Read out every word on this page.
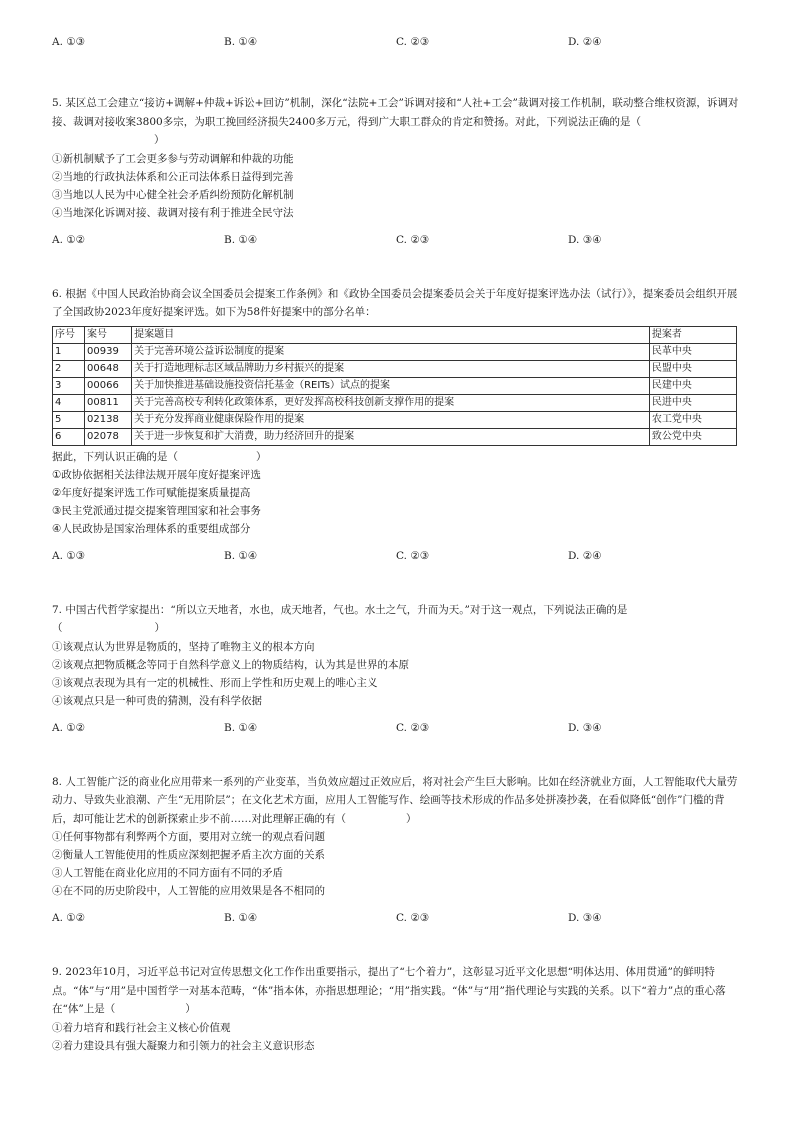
A. ①③	B. ①④	C. ②③	D. ②④

5. 某区总工会建立“接访+调解+仲裁+诉讼+回访”机制，深化“法院+工会”诉调对接和“人社+工会”裁调对接工作机制，联动整合维权资源，诉调对接、裁调对接收案3800多宗，为职工挽回经济损失2400多万元，得到广大职工群众的肯定和赞扬。对此，下列说法正确的是（）

①新机制赋予了工会更多参与劳动调解和仲裁的功能

②当地的行政执法体系和公正司法体系日益得到完善

③当地以人民为中心健全社会矛盾纠纷预防化解机制

④当地深化诉调对接、裁调对接有利于推进全民守法

A. ①②	B. ①④	C. ②③	D. ③④

6. 根据《中国人民政治协商会议全国委员会提案工作条例》和《政协全国委员会提案委员会关于年度好提案评选办法（试行）》，提案委员会组织开展了全国政协2023年度好提案评选。如下为58件好提案中的部分名单：

序号	案号	提案题目	提案者
1	00939	关于完善环境公益诉讼制度的提案	民革中央
2	00648	关于打造地理标志区域品牌助力乡村振兴的提案	民盟中央
3	00066	关于加快推进基础设施投资信托基金（REITs）试点的提案	民建中央
4	00811	关于完善高校专利转化政策体系，更好发挥高校科技创新支撑作用的提案	民进中央
5	02138	关于充分发挥商业健康保险作用的提案	农工党中央
6	02078	关于进一步恢复和扩大消费，助力经济回升的提案	致公党中央

据此，下列认识正确的是（	）

①政协依据相关法律法规开展年度好提案评选

②年度好提案评选工作可赋能提案质量提高

③民主党派通过提交提案管理国家和社会事务

④人民政协是国家治理体系的重要组成部分

A. ①③	B. ①④	C. ②③	D. ②④

7. 中国古代哲学家提出：“所以立天地者，水也，成天地者，气也。水土之气，升而为天。”对于这一观点，下列说法正确的是
（	）

①该观点认为世界是物质的，坚持了唯物主义的根本方向

②该观点把物质概念等同于自然科学意义上的物质结构，认为其是世界的本原

③该观点表现为具有一定的机械性、形而上学性和历史观上的唯心主义

④该观点只是一种可贵的猜测，没有科学依据

A. ①②	B. ①④	C. ②③	D. ③④

8. 人工智能广泛的商业化应用带来一系列的产业变革，当负效应超过正效应后，将对社会产生巨大影响。比如在经济就业方面，人工智能取代大量劳动力、导致失业浪潮、产生“无用阶层”；在文化艺术方面，应用人工智能写作、绘画等技术形成的作品多处拼凑抄袭，在看似降低“创作”门槛的背后，却可能让艺术的创新探索止步不前……对此理解正确的有（	）

①任何事物都有利弊两个方面，要用对立统一的观点看问题

②衡量人工智能使用的性质应深刻把握矛盾主次方面的关系

③人工智能在商业化应用的不同方面有不同的矛盾

④在不同的历史阶段中，人工智能的应用效果是各不相同的

A. ①②	B. ①④	C. ②③	D. ③④

9. 2023年10月，习近平总书记对宣传思想文化工作作出重要指示，提出了“七个着力”，这彰显习近平文化思想“明体达用、体用贯通”的鲜明特点。“体”与“用”是中国哲学一对基本范畴，“体”指本体，亦指思想理论；“用”指实践。“体”与“用”指代理论与实践的关系。以下“着力”点的重心落在“体”上是（	）

①着力培育和践行社会主义核心价值观

②着力建设具有强大凝聚力和引领力的社会主义意识形态
